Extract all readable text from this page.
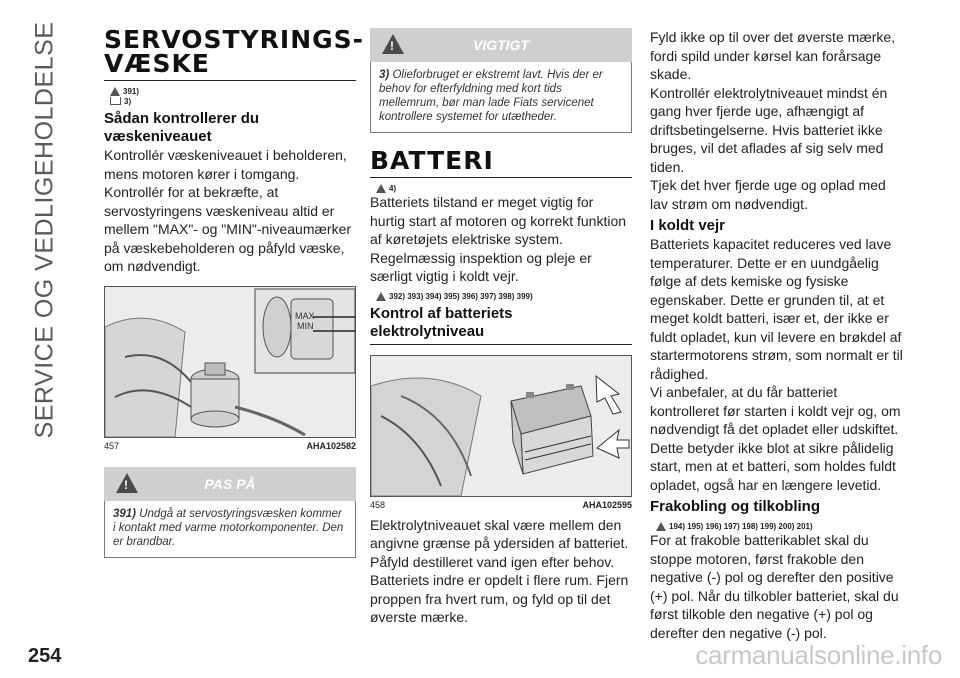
SERVICE OG VEDLIGEHOLDELSE SERVOSTYRINGS-
VÆSKE
391)
3)
Sådan kontrollerer du
væskeniveauet

Kontrollér væskeniveauet i beholderen, mens motoren kører i tomgang. Kontrollér for at bekræfte, at servostyringens væskeniveau altid er mellem "MAX"- og "MIN"-niveaumærker på væskebeholderen og påfyld væske, om nødvendigt.

MAX
MIN
457	AHA102582
!
PAS PÅ
391) Undgå at servostyringsvæsken kommer i kontakt med varme motorkomponenter. Den er brandbar.
!
VIGTIGT
3) Olieforbruget er ekstremt lavt. Hvis der er behov for efterfyldning med kort tids mellemrum, bør man lade Fiats servicenet kontrollere systemet for utætheder.
BATTERI
4)

Batteriets tilstand er meget vigtig for hurtig start af motoren og korrekt funktion af køretøjets elektriske system. Regelmæssig inspektion og pleje er særligt vigtig i koldt vejr.

392) 393) 394) 395) 396) 397) 398) 399)
Kontrol af batteriets
elektrolytniveau
458	AHA102595

Elektrolytniveauet skal være mellem den angivne grænse på ydersiden af batteriet. Påfyld destilleret vand igen efter behov. Batteriets indre er opdelt i flere rum. Fjern proppen fra hvert rum, og fyld op til det øverste mærke.

Fyld ikke op til over det øverste mærke, fordi spild under kørsel kan forårsage skade.

Kontrollér elektrolytniveauet mindst én gang hver fjerde uge, afhængigt af driftsbetingelserne. Hvis batteriet ikke bruges, vil det aflades af sig selv med tiden.

Tjek det hver fjerde uge og oplad med lav strøm om nødvendigt.

I koldt vejr

Batteriets kapacitet reduceres ved lave temperaturer. Dette er en uundgåelig følge af dets kemiske og fysiske egenskaber. Dette er grunden til, at et meget koldt batteri, især et, der ikke er fuldt opladet, kun vil levere en brøkdel af startermotorens strøm, som normalt er til rådighed.

Vi anbefaler, at du får batteriet kontrolleret før starten i koldt vejr og, om nødvendigt få det opladet eller udskiftet. Dette betyder ikke blot at sikre pålidelig start, men at et batteri, som holdes fuldt opladet, også har en længere levetid.

Frakobling og tilkobling
194) 195) 196) 197) 198) 199) 200) 201)

For at frakoble batterikablet skal du stoppe motoren, først frakoble den negative (-) pol og derefter den positive (+) pol. Når du tilkobler batteriet, skal du først tilkoble den negative (+) pol og derefter den negative (-) pol.

254	carmanualsonline.info
